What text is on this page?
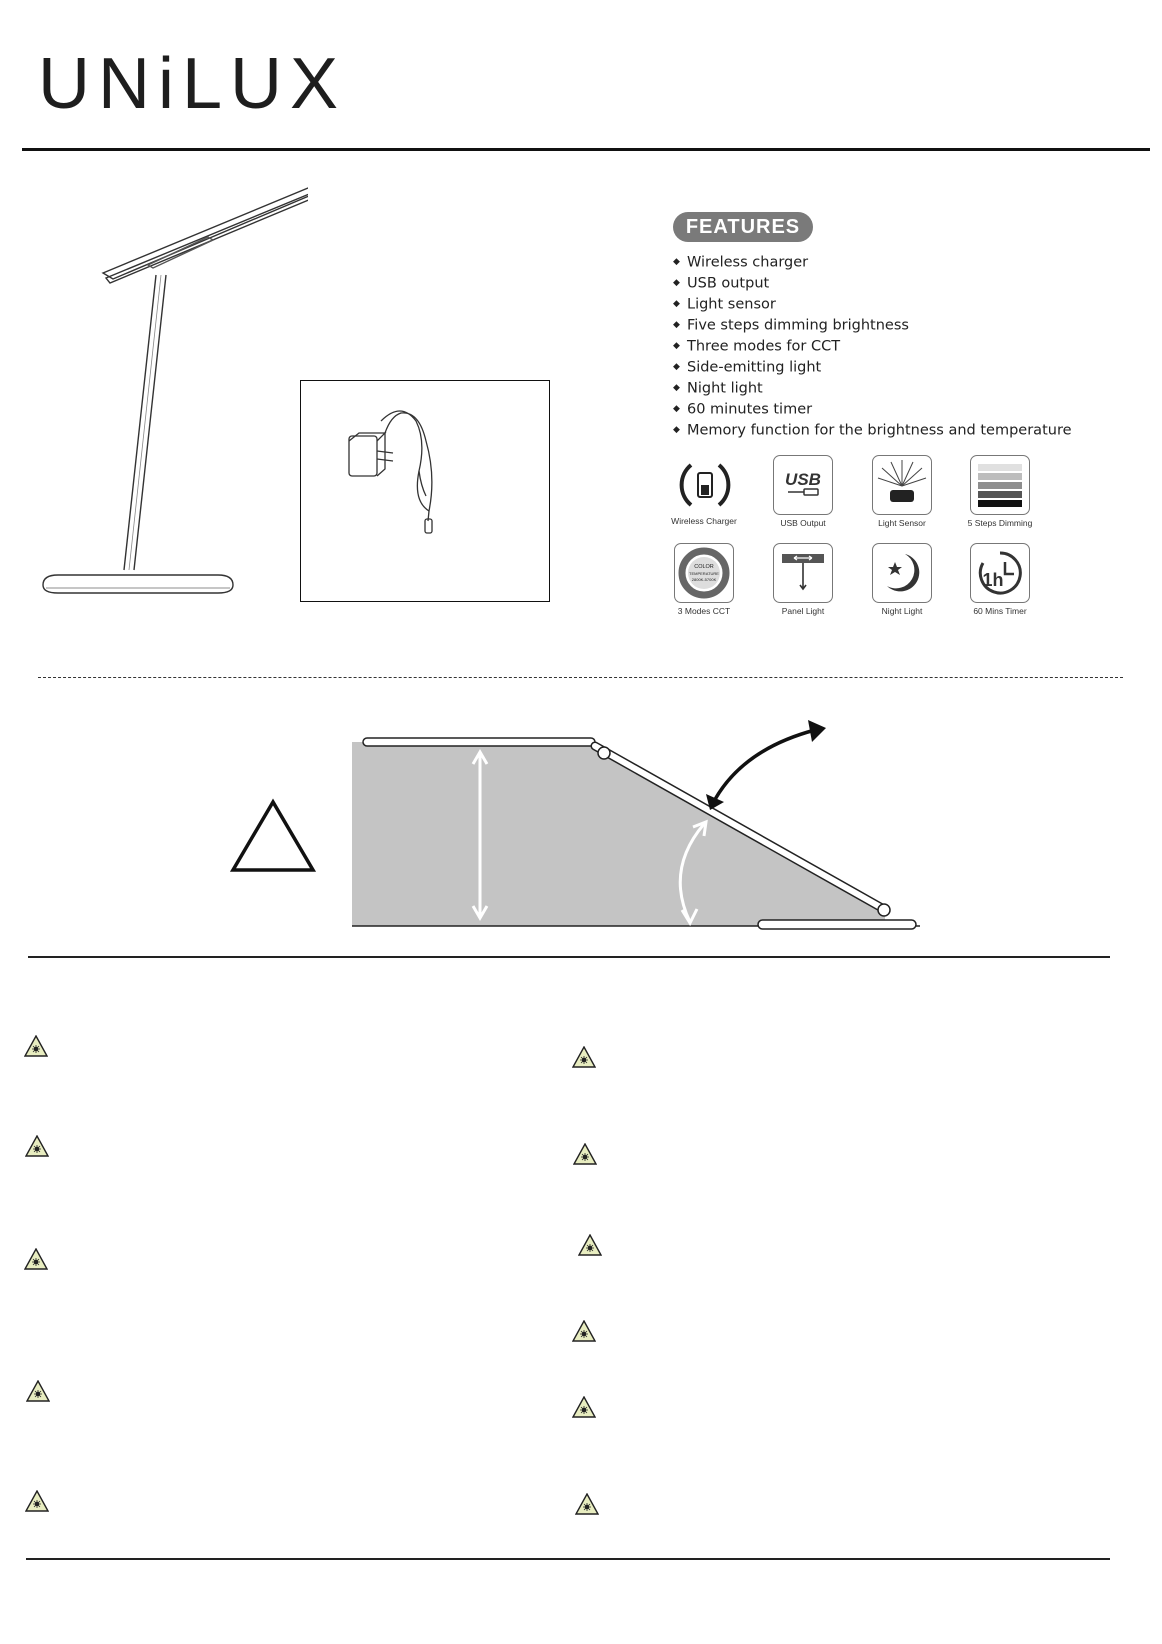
UNiLUX
FEATURES
◆ Wireless charger
◆ USB output
◆ Light sensor
◆ Five steps dimming brightness
◆ Three modes for CCT
◆ Side-emitting light
◆ Night light
◆ 60 minutes timer
◆ Memory function for the brightness and temperature
Wireless Charger
USB
USB Output	Light Sensor	5 Steps Dimming
COLOR
TEMPERATURE
2800K-5700K
3 Modes CCT	Panel Light	Night Light
1h
60 Mins Timer
